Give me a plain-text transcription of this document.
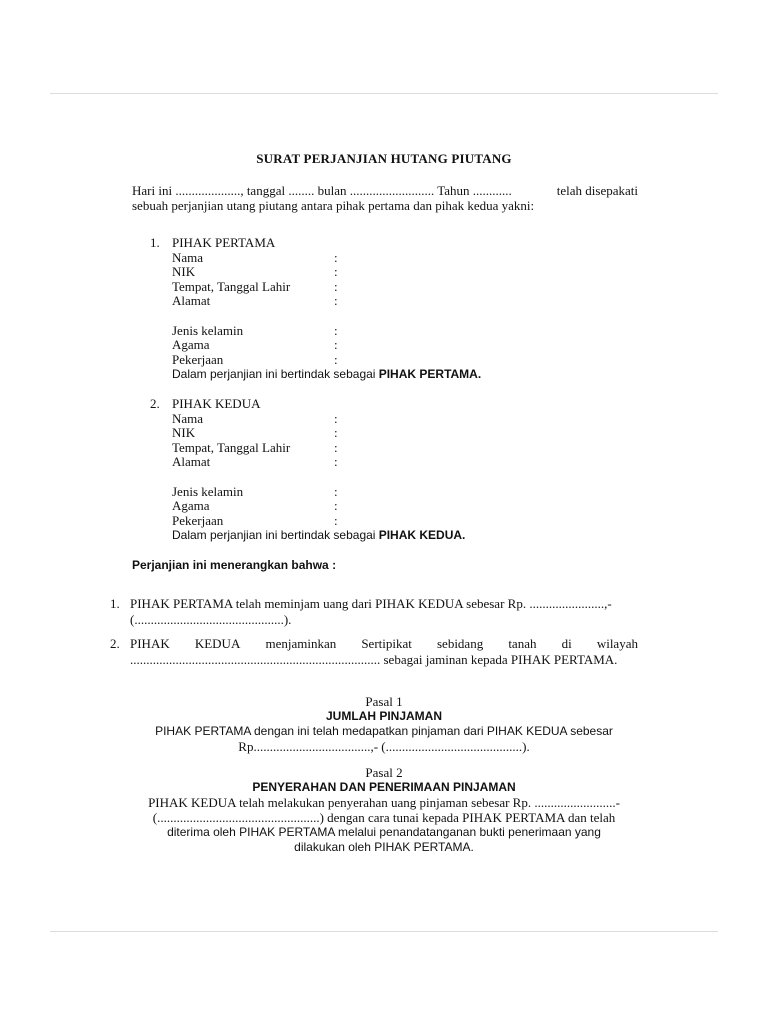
SURAT PERJANJIAN HUTANG PIUTANG
Hari ini ...................., tanggal ........ bulan .......................... Tahun ............	telah disepakati
sebuah perjanjian utang piutang antara pihak pertama dan pihak kedua yakni:
1. PIHAK PERTAMA
Nama	:
NIK	:
Tempat, Tanggal Lahir	:
Alamat	:
Jenis kelamin	:
Agama	:
Pekerjaan	:
Dalam perjanjian ini bertindak sebagai
PIHAK PERTAMA.
2. PIHAK KEDUA
Nama	:
NIK	:
Tempat, Tanggal Lahir	:
Alamat	:
Jenis kelamin	:
Agama	:
Pekerjaan	:
Dalam perjanjian ini bertindak sebagai
PIHAK KEDUA.
Perjanjian ini menerangkan bahwa :
1. PIHAK PERTAMA telah meminjam uang dari PIHAK KEDUA sebesar Rp. .......................,-
(..............................................).
2. PIHAK KEDUA menjaminkan Sertipikat sebidang tanah di wilayah
............................................................................. sebagai jaminan kepada PIHAK PERTAMA.
Pasal 1
JUMLAH PINJAMAN
PIHAK PERTAMA dengan ini telah medapatkan pinjaman dari PIHAK KEDUA sebesar
Rp....................................,- (..........................................).
Pasal 2
PENYERAHAN DAN PENERIMAAN PINJAMAN
PIHAK KEDUA telah melakukan penyerahan uang pinjaman sebesar Rp. .........................-
(..................................................) dengan cara tunai kepada PIHAK PERTAMA dan telah
diterima oleh PIHAK PERTAMA melalui penandatanganan bukti penerimaan yang
dilakukan oleh PIHAK PERTAMA.
